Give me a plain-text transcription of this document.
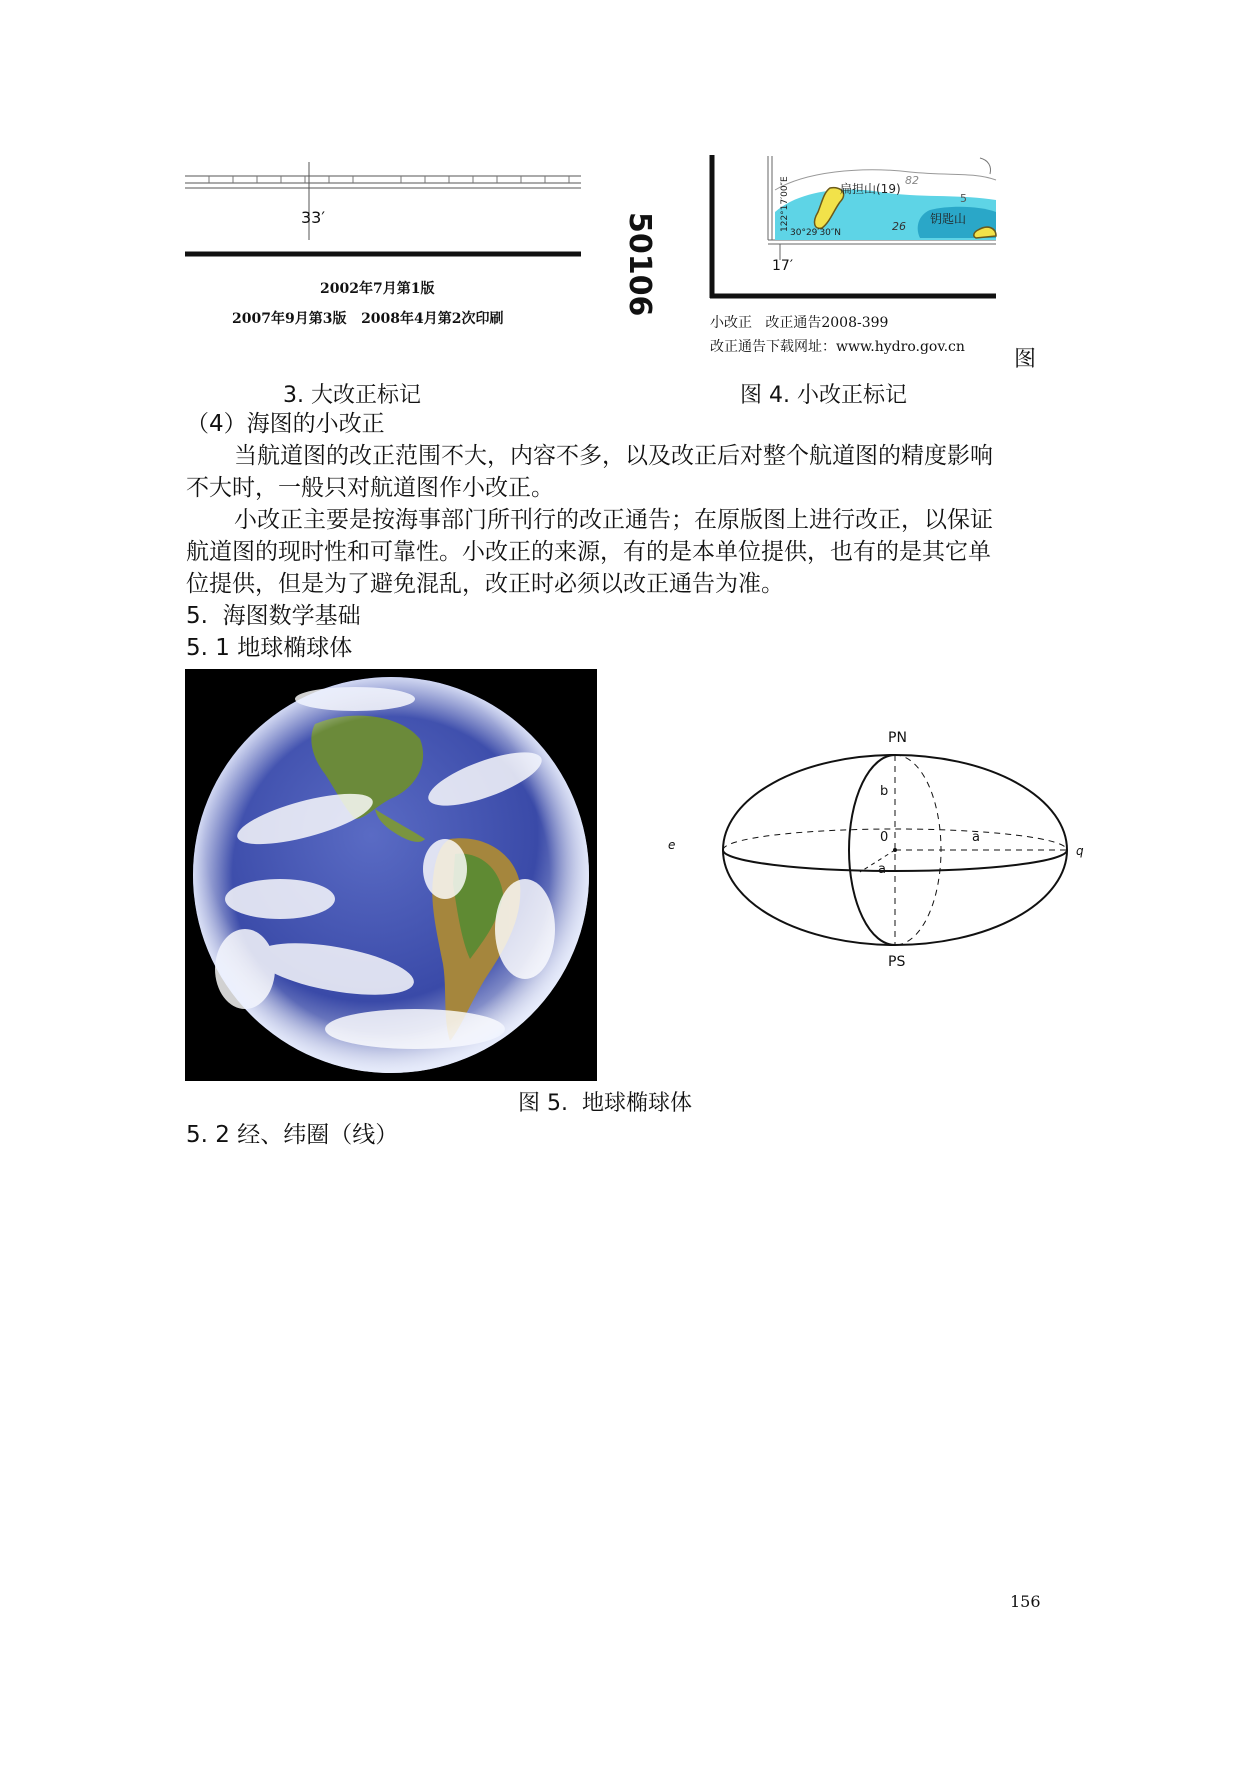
33′
2002年7月第1版
2007年9月第3版   2008年4月第2次印刷
50106
扁担山(19)
钥匙山
82
26
5
30°29′30″N
122°17′00″E
17′
小改正   改正通告2008-399
改正通告下载网址：www.hydro.gov.cn 图
3. 大改正标记	图 4. 小改正标记
（4）海图的小改正
当航道图的改正范围不大，内容不多，以及改正后对整个航道图的精度影响
不大时，一般只对航道图作小改正。
小改正主要是按海事部门所刊行的改正通告；在原版图上进行改正，以保证
航道图的现时性和可靠性。小改正的来源，有的是本单位提供，也有的是其它单
位提供，但是为了避免混乱，改正时必须以改正通告为准。
5.  海图数学基础
5. 1 地球椭球体
PN
PS
b
0	a
a
e	q
图 5.  地球椭球体
5. 2 经、纬圈（线）
156
